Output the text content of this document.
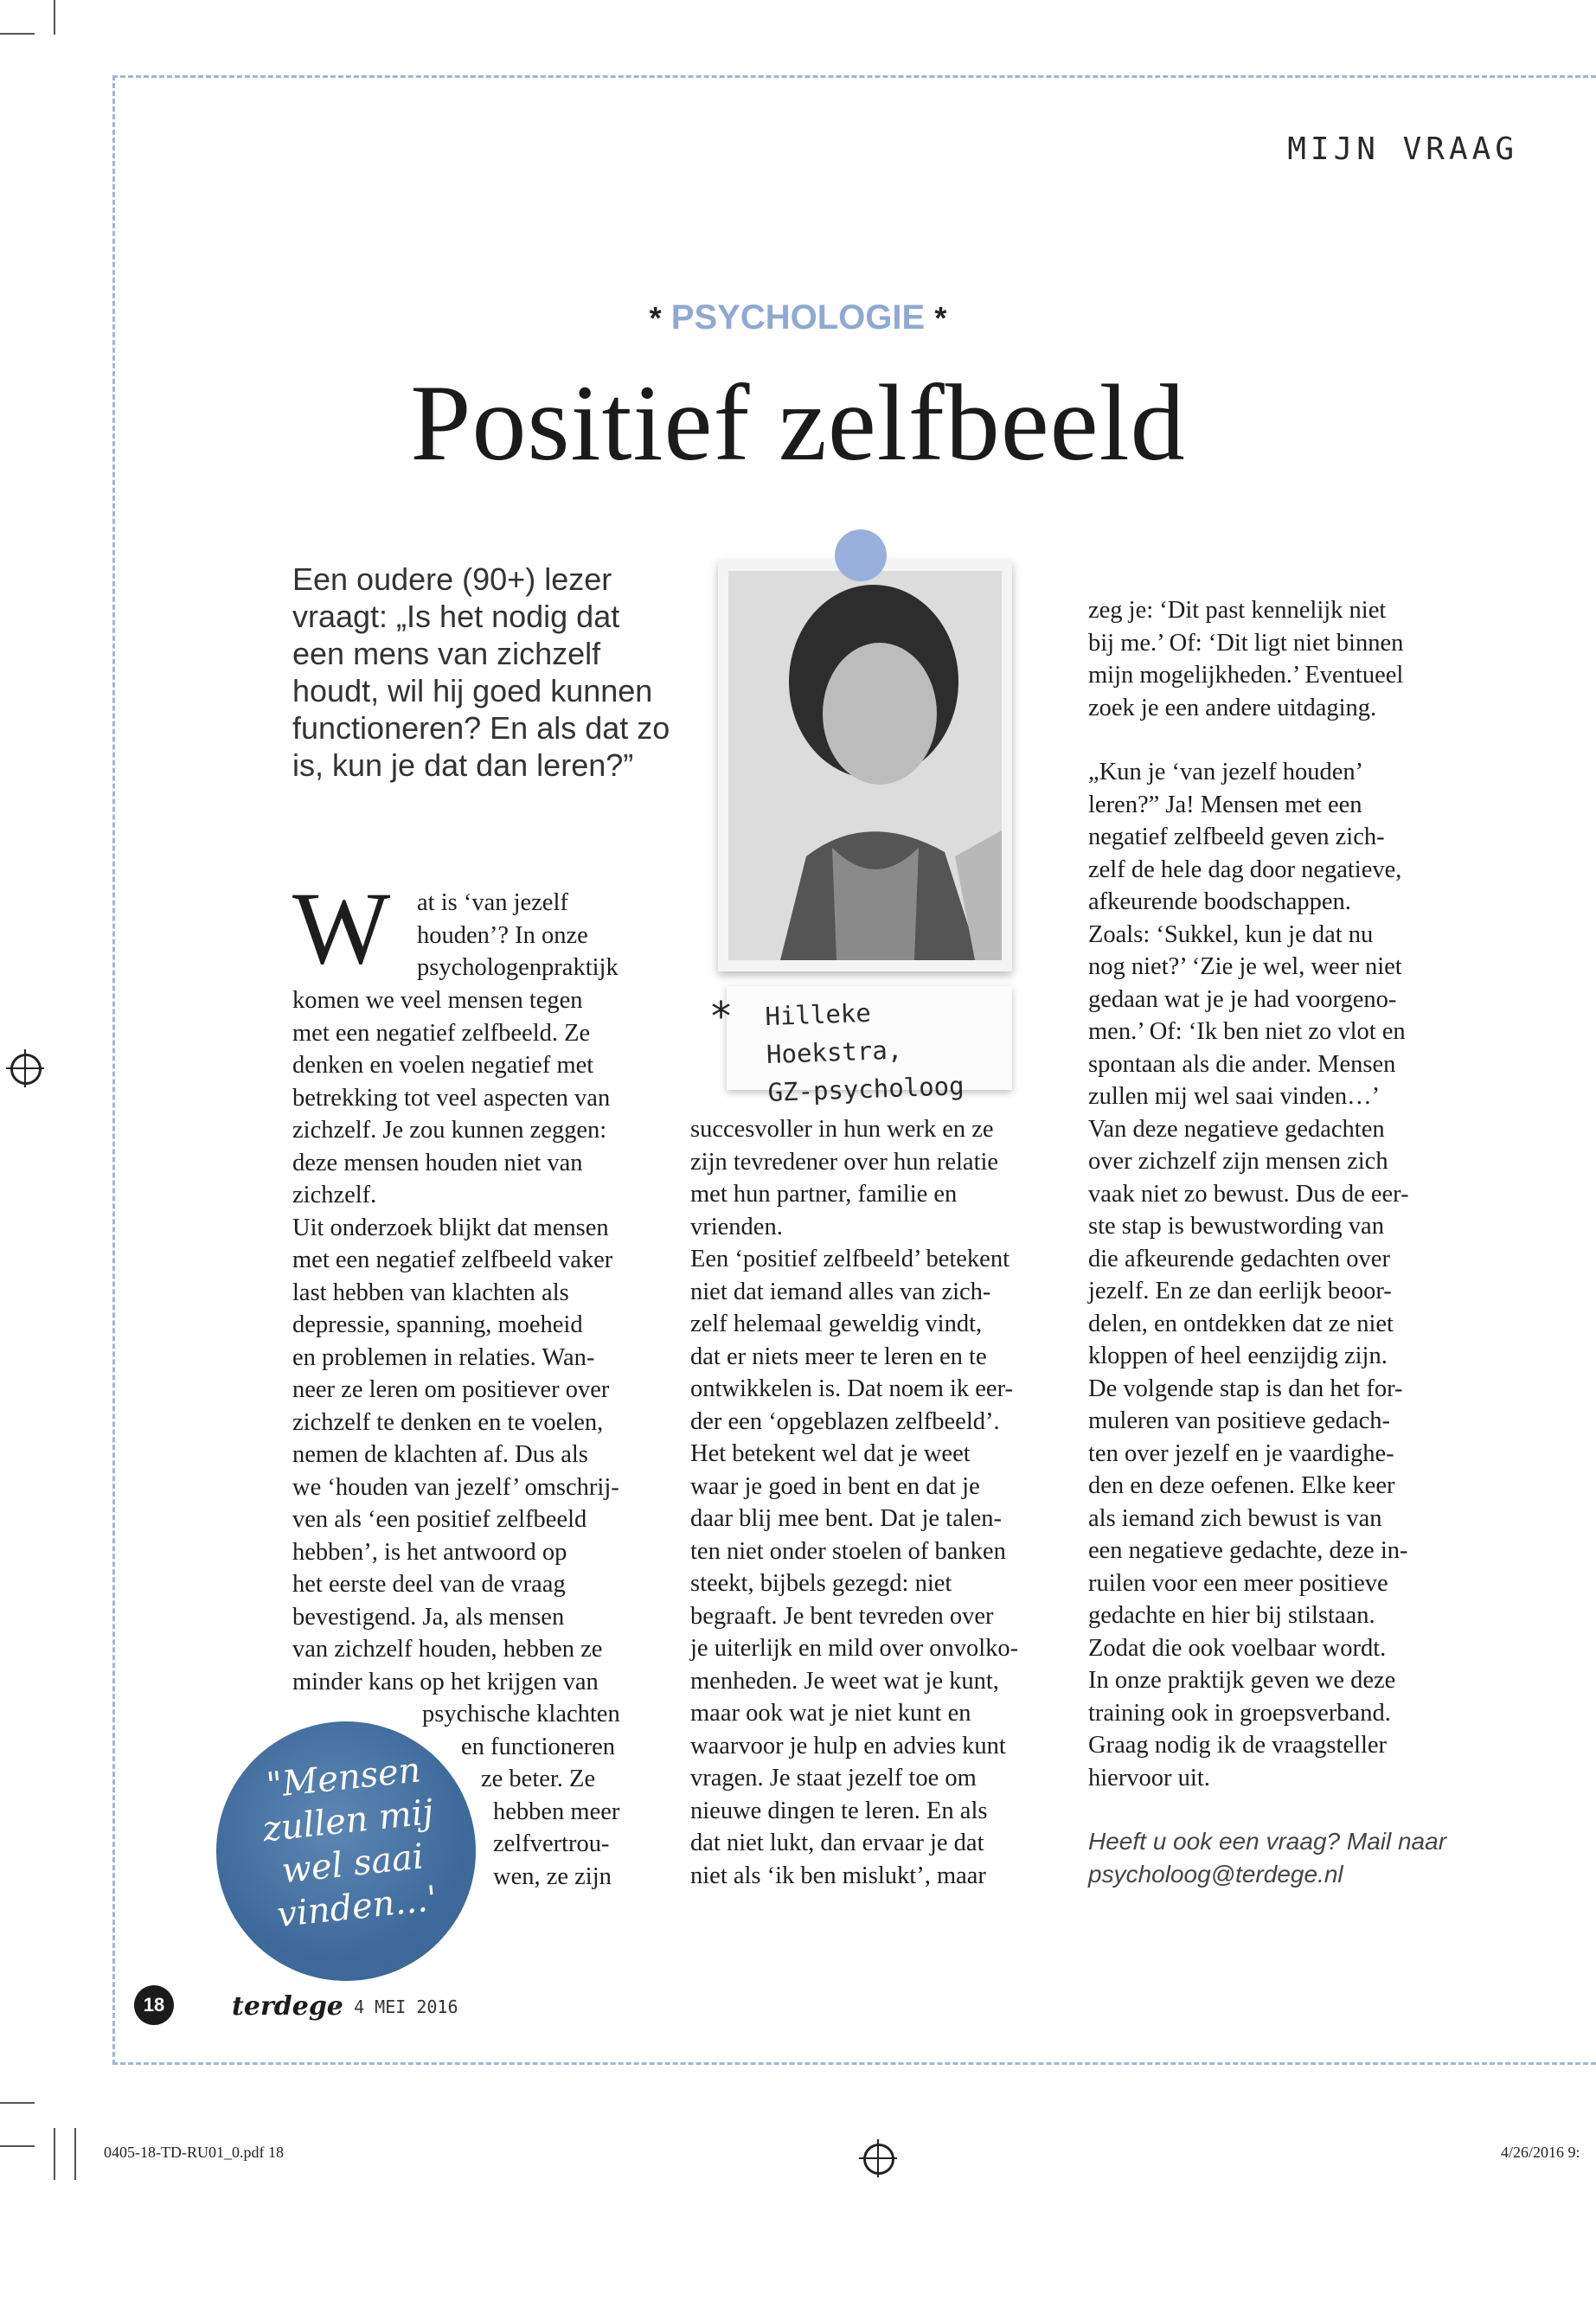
MIJN VRAAG
* PSYCHOLOGIE *
Positief zelfbeeld
Een oudere (90+) lezer vraagt: „Is het nodig dat een mens van zichzelf houdt, wil hij goed kunnen functioneren? En als dat zo is, kun je dat dan leren?”
W at is ‘van jezelf

houden’? In onze

psychologenpraktijk

komen we veel mensen tegen

met een negatief zelfbeeld. Ze

denken en voelen negatief met

betrekking tot veel aspecten van

zichzelf. Je zou kunnen zeggen:

deze mensen houden niet van

zichzelf.

Uit onderzoek blijkt dat mensen

met een negatief zelfbeeld vaker

last hebben van klachten als

depressie, spanning, moeheid

en problemen in relaties. Wan-

neer ze leren om positiever over

zichzelf te denken en te voelen,

nemen de klachten af. Dus als

we ‘houden van jezelf’ omschrij-

ven als ‘een positief zelfbeeld

hebben’, is het antwoord op

het eerste deel van de vraag

bevestigend. Ja, als mensen

van zichzelf houden, hebben ze

minder kans op het krijgen van

psychische klachten

en functioneren

ze beter. Ze

hebben meer

zelfvertrou-

wen, ze zijn

"Mensen
zullen mij
wel saai
vinden...'
* Hilleke Hoekstra,
GZ-psycholoog

succesvoller in hun werk en ze

zijn tevredener over hun relatie

met hun partner, familie en

vrienden.

Een ‘positief zelfbeeld’ betekent

niet dat iemand alles van zich-

zelf helemaal geweldig vindt,

dat er niets meer te leren en te

ontwikkelen is. Dat noem ik eer-

der een ‘opgeblazen zelfbeeld’.

Het betekent wel dat je weet

waar je goed in bent en dat je

daar blij mee bent. Dat je talen-

ten niet onder stoelen of banken

steekt, bijbels gezegd: niet

begraaft. Je bent tevreden over

je uiterlijk en mild over onvolko-

menheden. Je weet wat je kunt,

maar ook wat je niet kunt en

waarvoor je hulp en advies kunt

vragen. Je staat jezelf toe om

nieuwe dingen te leren. En als

dat niet lukt, dan ervaar je dat

niet als ‘ik ben mislukt’, maar

zeg je: ‘Dit past kennelijk niet

bij me.’ Of: ‘Dit ligt niet binnen

mijn mogelijkheden.’ Eventueel

zoek je een andere uitdaging.

„Kun je ‘van jezelf houden’

leren?” Ja! Mensen met een

negatief zelfbeeld geven zich-

zelf de hele dag door negatieve,

afkeurende boodschappen.

Zoals: ‘Sukkel, kun je dat nu

nog niet?’ ‘Zie je wel, weer niet

gedaan wat je je had voorgeno-

men.’ Of: ‘Ik ben niet zo vlot en

spontaan als die ander. Mensen

zullen mij wel saai vinden…’

Van deze negatieve gedachten

over zichzelf zijn mensen zich

vaak niet zo bewust. Dus de eer-

ste stap is bewustwording van

die afkeurende gedachten over

jezelf. En ze dan eerlijk beoor-

delen, en ontdekken dat ze niet

kloppen of heel eenzijdig zijn.

De volgende stap is dan het for-

muleren van positieve gedach-

ten over jezelf en je vaardighe-

den en deze oefenen. Elke keer

als iemand zich bewust is van

een negatieve gedachte, deze in-

ruilen voor een meer positieve

gedachte en hier bij stilstaan.

Zodat die ook voelbaar wordt.

In onze praktijk geven we deze

training ook in groepsverband.

Graag nodig ik de vraagsteller

hiervoor uit.

Heeft u ook een vraag? Mail naar
psycholoog@terdege.nl
18	terdege
• 4 MEI 2016
0405-18-TD-RU01_0.pdf 18	4/26/2016 9:
